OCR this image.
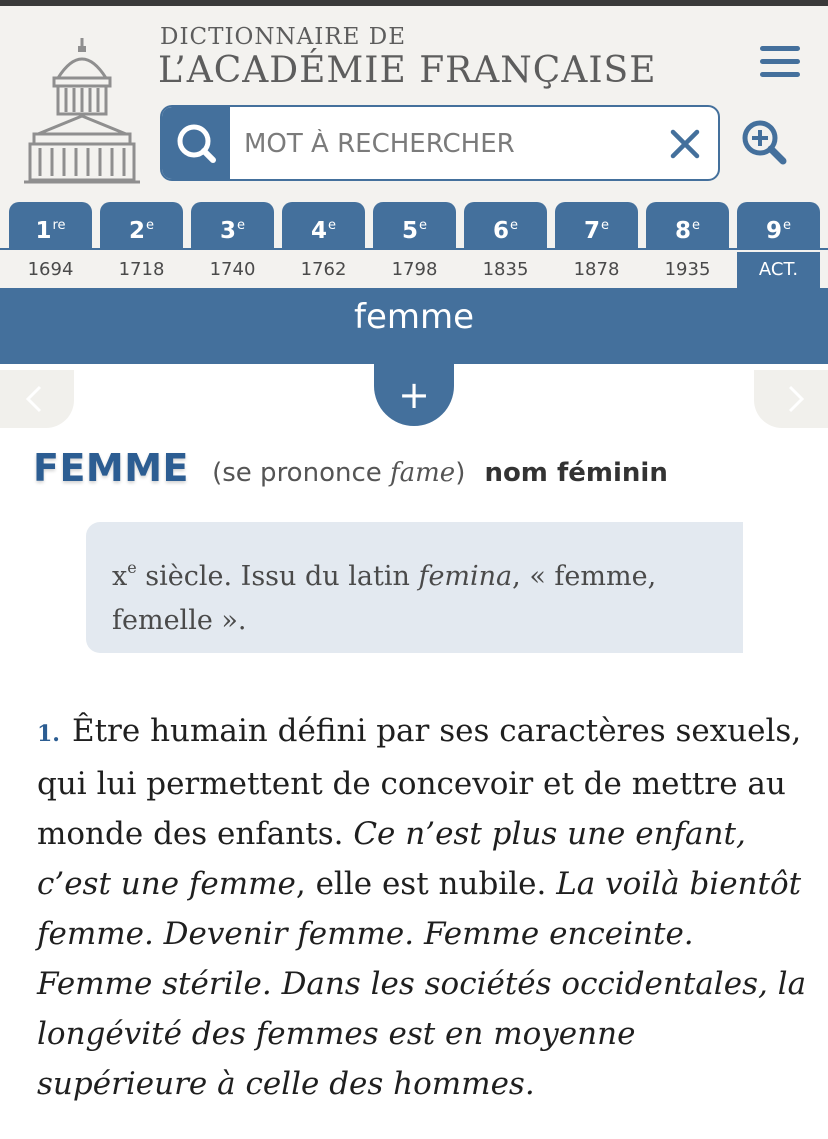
DICTIONNAIRE DE
L’ACADÉMIE FRANÇAISE
MOT À RECHERCHER
1re
1694
2e
1718
3e
1740
4e
1762
5e
1798
6e
1835
7e
1878
8e
1935
9e
ACT.
femme
+
FEMME (se prononce fame) nom féminin
$x^e$ siècle. Issu du latin femina, « femme, femelle ».
1. Être humain défini par ses caractères sexuels, qui lui permettent de concevoir et de mettre au monde des enfants. Ce n’est plus une enfant, c’est une femme, elle est nubile. La voilà bientôt femme. Devenir femme. Femme enceinte. Femme stérile. Dans les sociétés occidentales, la longévité des femmes est en moyenne supérieure à celle des hommes.
